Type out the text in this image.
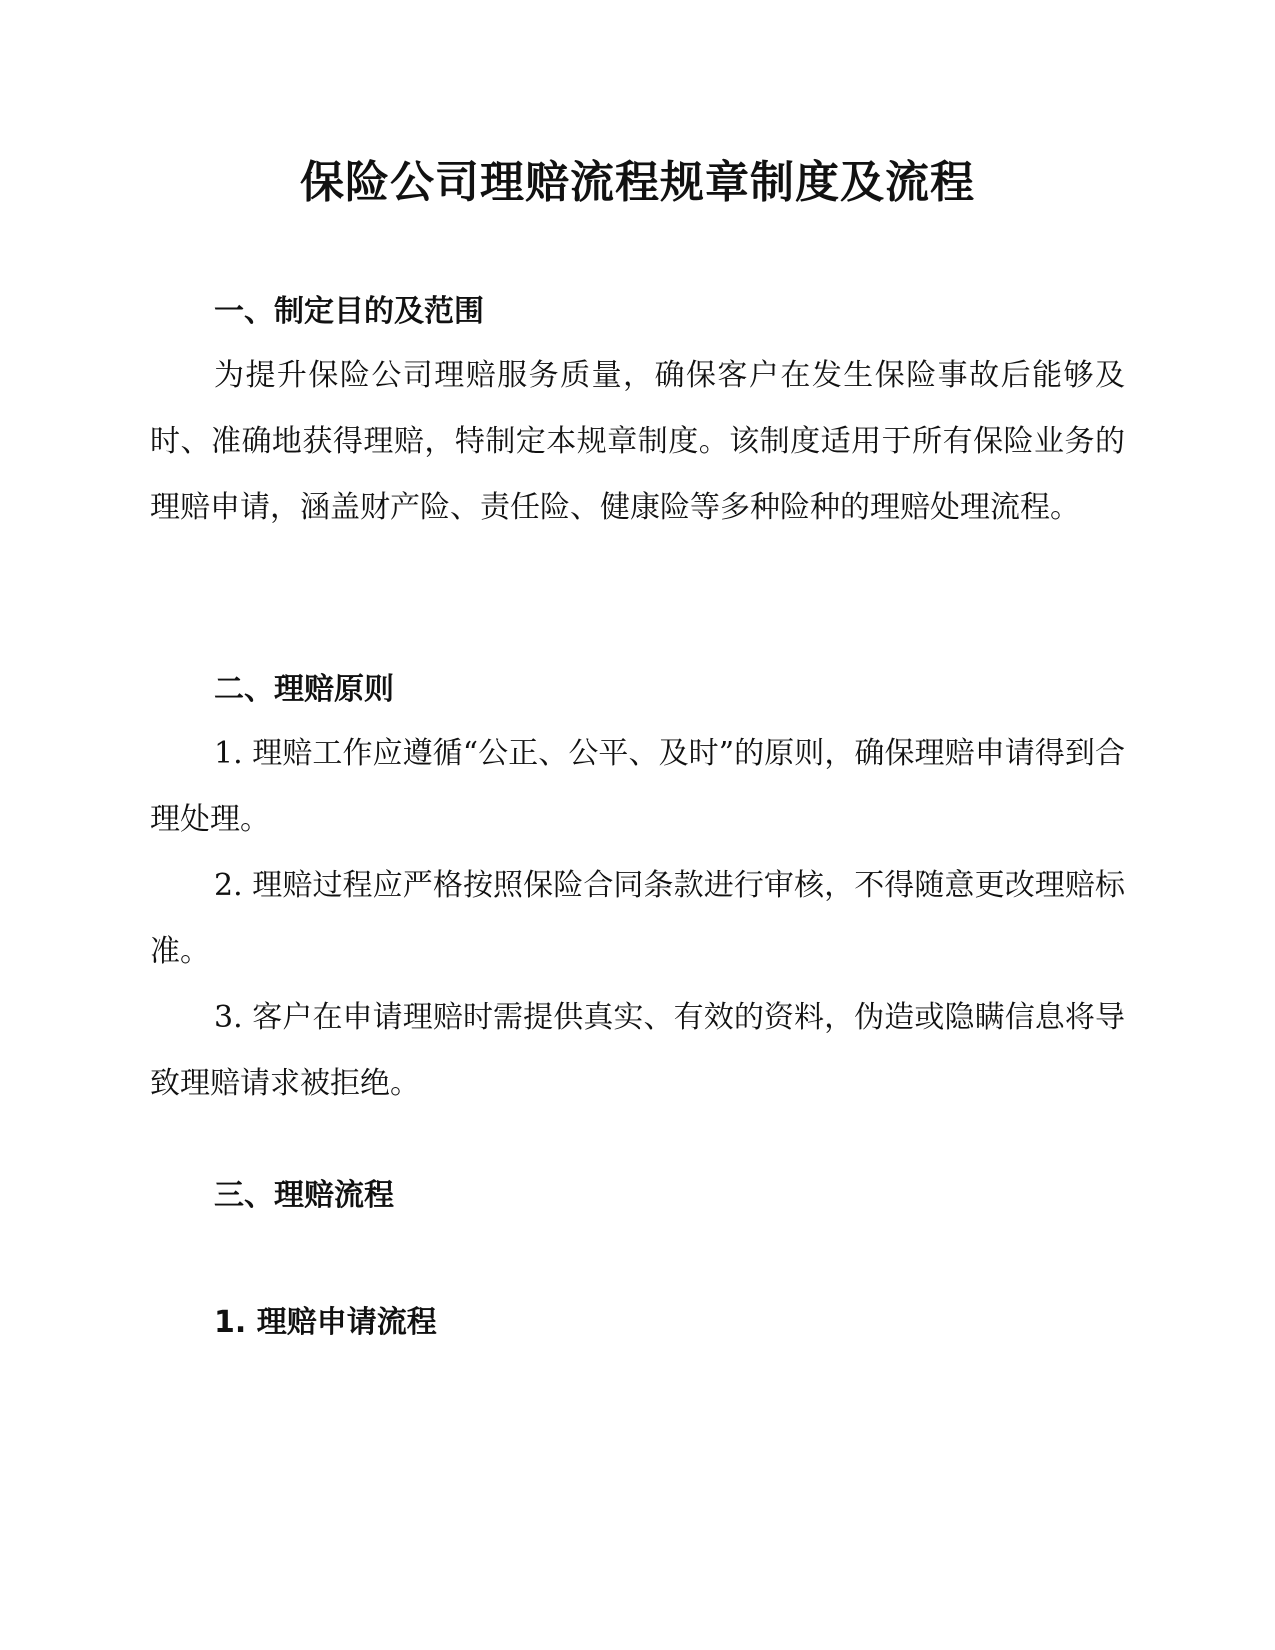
保险公司理赔流程规章制度及流程
一、制定目的及范围

为提升保险公司理赔服务质量，确保客户在发生保险事故后能够及时、准确地获得理赔，特制定本规章制度。该制度适用于所有保险业务的理赔申请，涵盖财产险、责任险、健康险等多种险种的理赔处理流程。

二、理赔原则

1. 理赔工作应遵循“公正、公平、及时”的原则，确保理赔申请得到合理处理。

2. 理赔过程应严格按照保险合同条款进行审核，不得随意更改理赔标准。

3. 客户在申请理赔时需提供真实、有效的资料，伪造或隐瞒信息将导致理赔请求被拒绝。

三、理赔流程
1. 理赔申请流程
